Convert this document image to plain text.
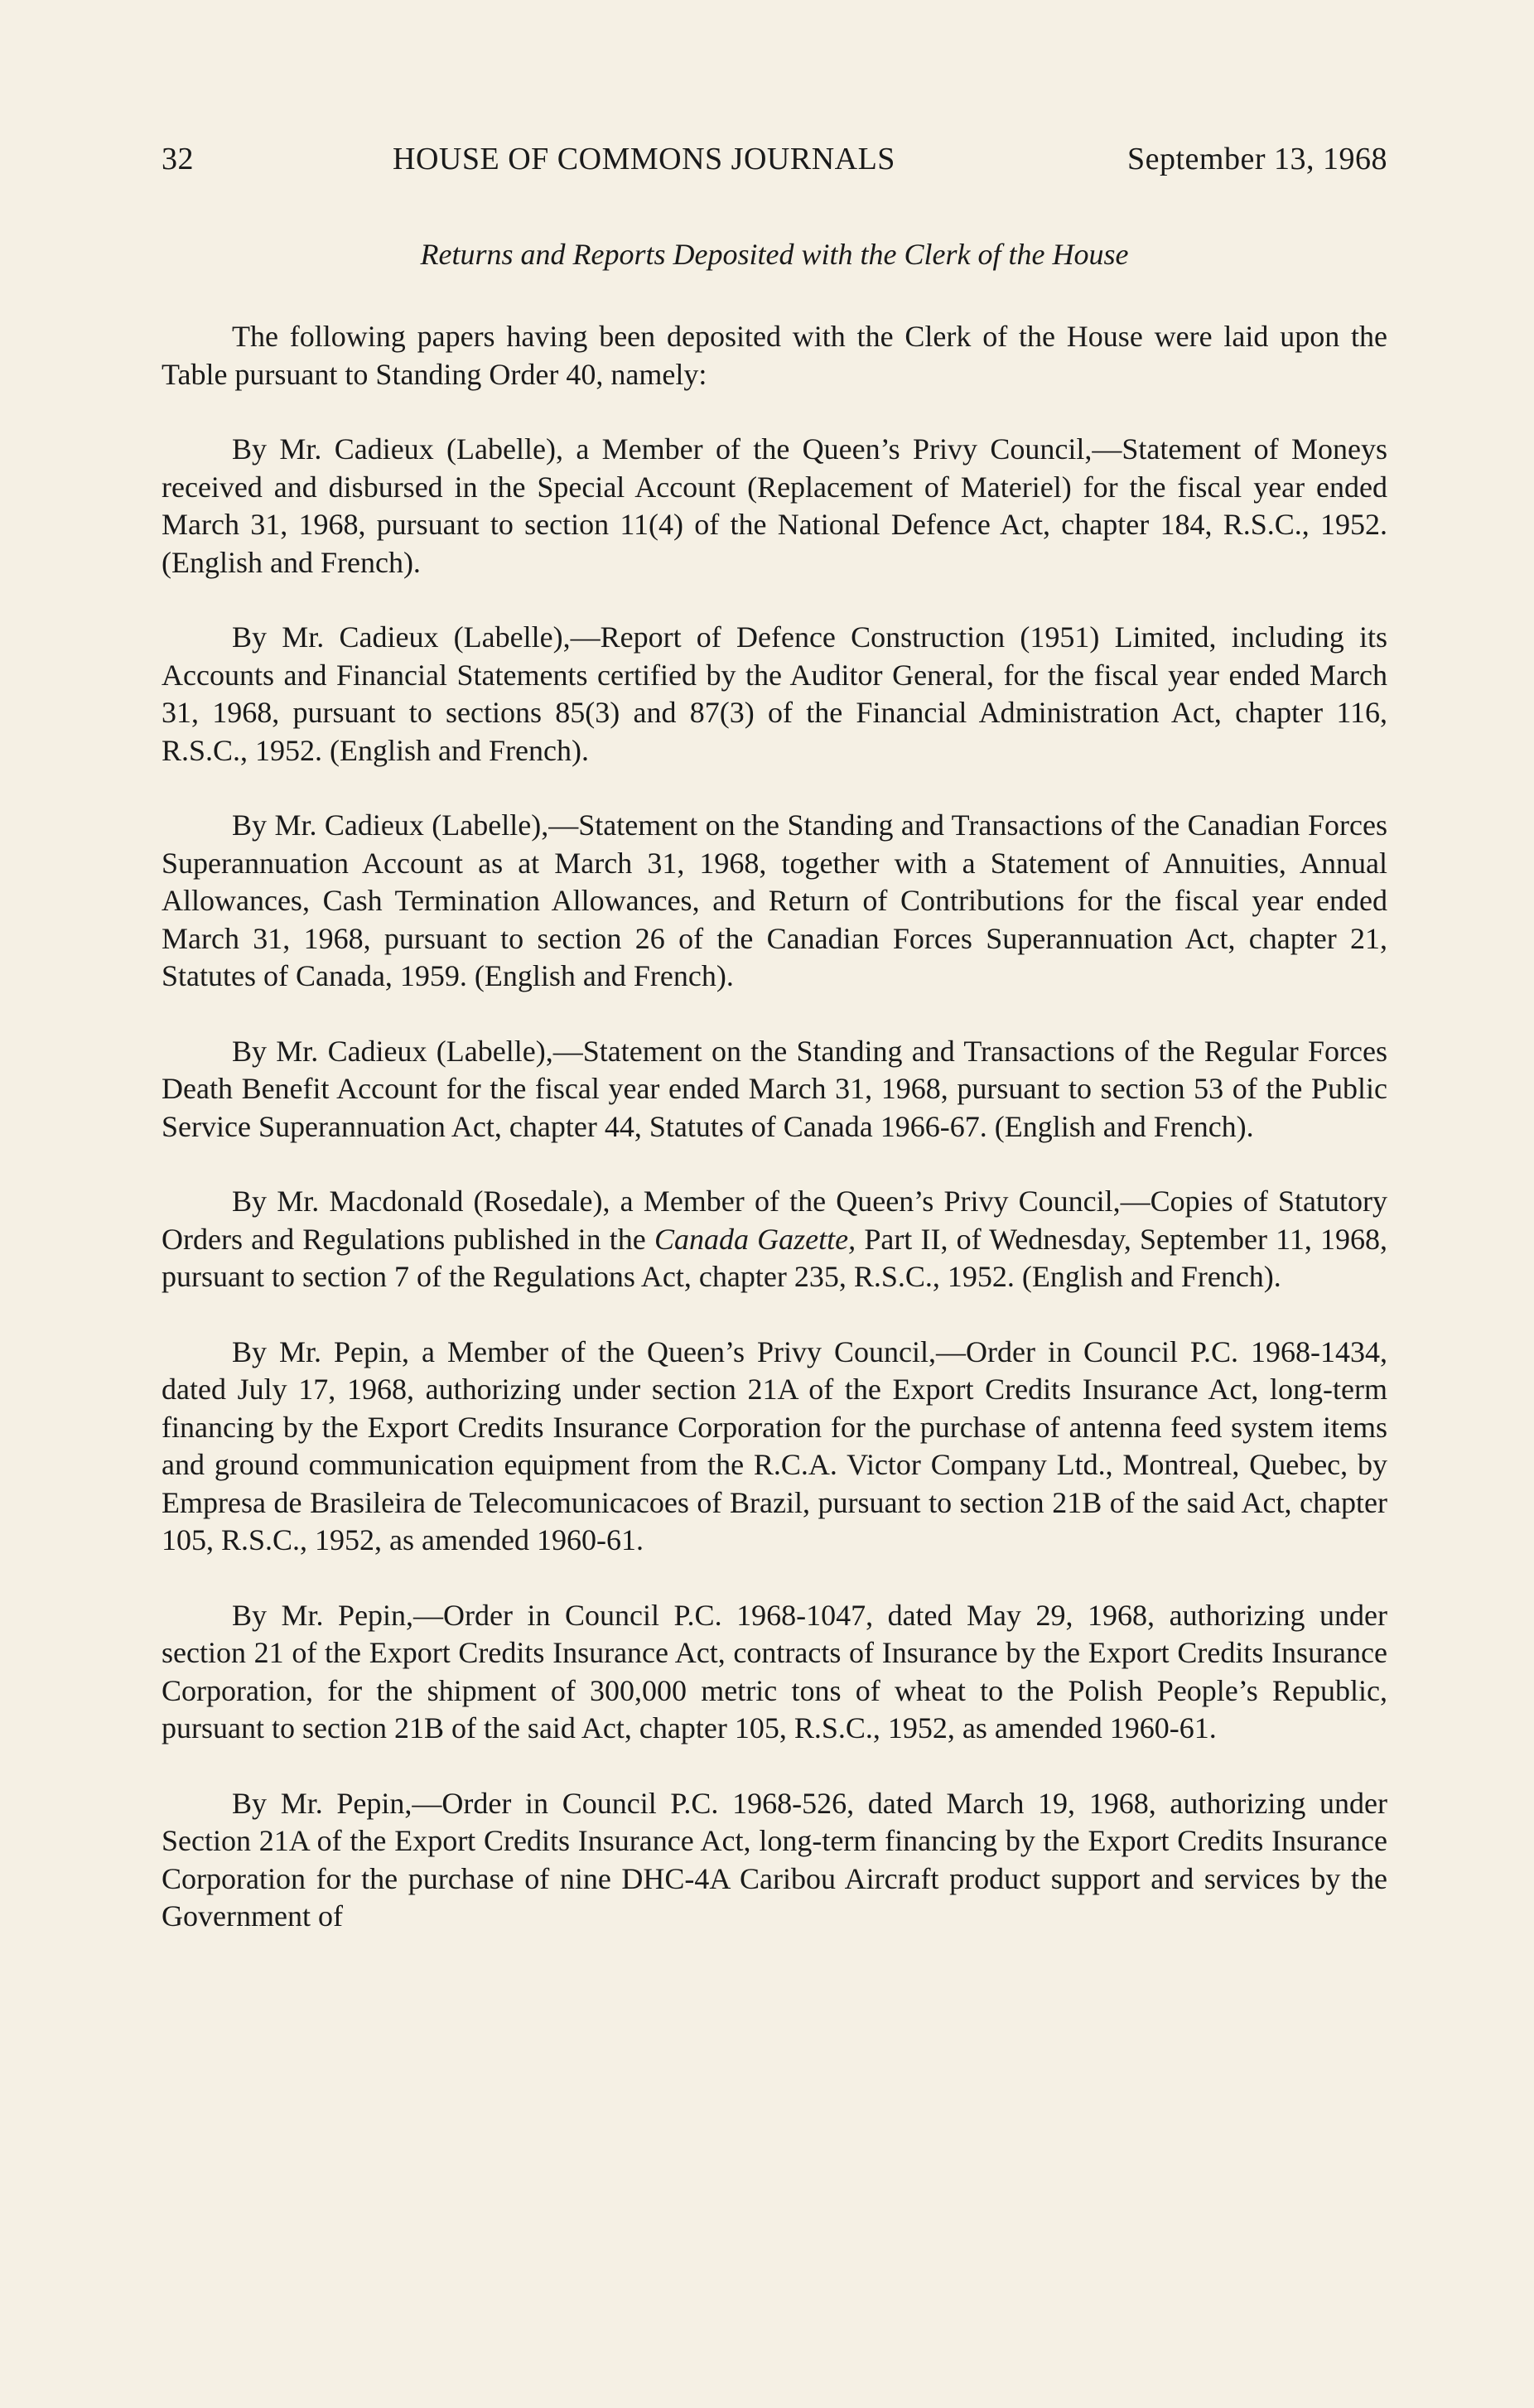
32	HOUSE OF COMMONS JOURNALS	September 13, 1968
Returns and Reports Deposited with the Clerk of the House

The following papers having been deposited with the Clerk of the House were laid upon the Table pursuant to Standing Order 40, namely:

By Mr. Cadieux (Labelle), a Member of the Queen’s Privy Council,—Statement of Moneys received and disbursed in the Special Account (Replacement of Materiel) for the fiscal year ended March 31, 1968, pursuant to section 11(4) of the National Defence Act, chapter 184, R.S.C., 1952. (English and French).

By Mr. Cadieux (Labelle),—Report of Defence Construction (1951) Limited, including its Accounts and Financial Statements certified by the Auditor General, for the fiscal year ended March 31, 1968, pursuant to sections 85(3) and 87(3) of the Financial Administration Act, chapter 116, R.S.C., 1952. (English and French).

By Mr. Cadieux (Labelle),—Statement on the Standing and Transactions of the Canadian Forces Superannuation Account as at March 31, 1968, together with a Statement of Annuities, Annual Allowances, Cash Termination Allowances, and Return of Contributions for the fiscal year ended March 31, 1968, pursuant to section 26 of the Canadian Forces Superannuation Act, chapter 21, Statutes of Canada, 1959. (English and French).

By Mr. Cadieux (Labelle),—Statement on the Standing and Transactions of the Regular Forces Death Benefit Account for the fiscal year ended March 31, 1968, pursuant to section 53 of the Public Service Superannuation Act, chapter 44, Statutes of Canada 1966-67. (English and French).

By Mr. Macdonald (Rosedale), a Member of the Queen’s Privy Council,—Copies of Statutory Orders and Regulations published in the Canada Gazette, Part II, of Wednesday, September 11, 1968, pursuant to section 7 of the Regulations Act, chapter 235, R.S.C., 1952. (English and French).

By Mr. Pepin, a Member of the Queen’s Privy Council,—Order in Council P.C. 1968-1434, dated July 17, 1968, authorizing under section 21A of the Export Credits Insurance Act, long-term financing by the Export Credits Insurance Corporation for the purchase of antenna feed system items and ground communication equipment from the R.C.A. Victor Company Ltd., Montreal, Quebec, by Empresa de Brasileira de Telecomunicacoes of Brazil, pursuant to section 21B of the said Act, chapter 105, R.S.C., 1952, as amended 1960-61.

By Mr. Pepin,—Order in Council P.C. 1968-1047, dated May 29, 1968, authorizing under section 21 of the Export Credits Insurance Act, contracts of Insurance by the Export Credits Insurance Corporation, for the shipment of 300,000 metric tons of wheat to the Polish People’s Republic, pursuant to section 21B of the said Act, chapter 105, R.S.C., 1952, as amended 1960-61.

By Mr. Pepin,—Order in Council P.C. 1968-526, dated March 19, 1968, authorizing under Section 21A of the Export Credits Insurance Act, long-term financing by the Export Credits Insurance Corporation for the purchase of nine DHC-4A Caribou Aircraft product support and services by the Government of
